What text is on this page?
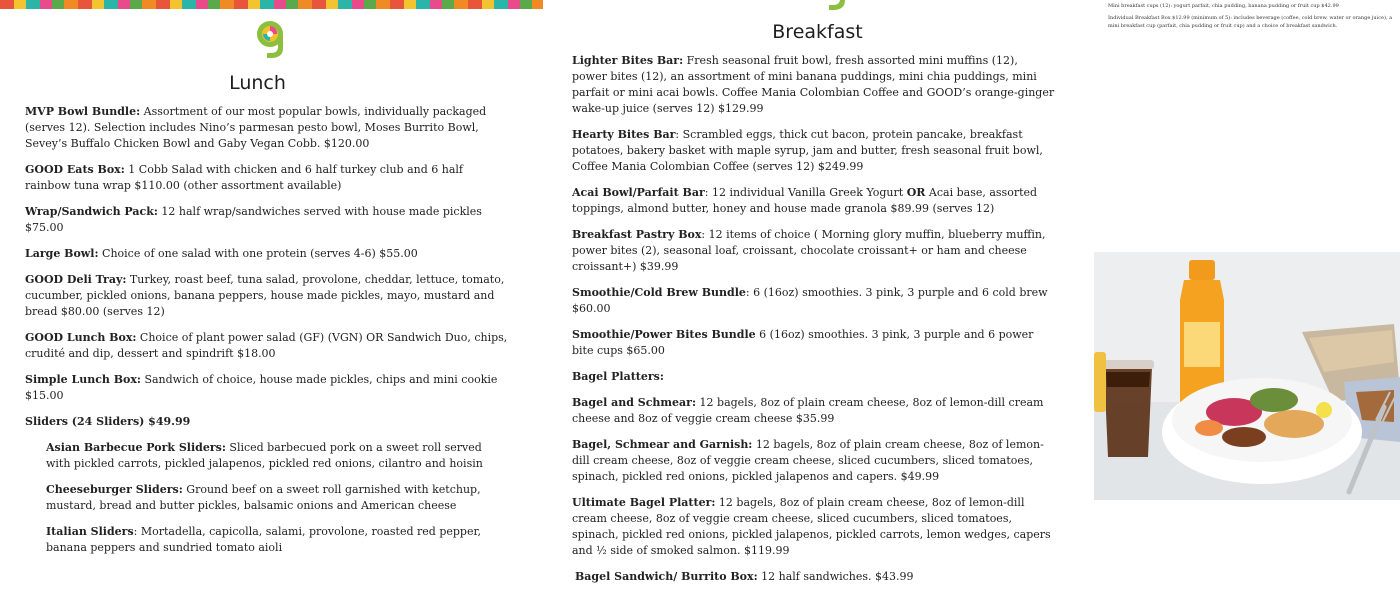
Lunch

MVP Bowl Bundle: Assortment of our most popular bowls, individually packaged (serves 12). Selection includes Nino’s parmesan pesto bowl, Moses Burrito Bowl, Sevey’s Buffalo Chicken Bowl and Gaby Vegan Cobb. $120.00

GOOD Eats Box: 1 Cobb Salad with chicken and 6 half turkey club and 6 half rainbow tuna wrap $110.00 (other assortment available)

Wrap/Sandwich Pack: 12 half wrap/sandwiches served with house made pickles $75.00

Large Bowl: Choice of one salad with one protein (serves 4-6) $55.00

GOOD Deli Tray: Turkey, roast beef, tuna salad, provolone, cheddar, lettuce, tomato, cucumber, pickled onions, banana peppers, house made pickles, mayo, mustard and bread $80.00 (serves 12)

GOOD Lunch Box: Choice of plant power salad (GF) (VGN) OR Sandwich Duo, chips, crudité and dip, dessert and spindrift $18.00

Simple Lunch Box: Sandwich of choice, house made pickles, chips and mini cookie $15.00

Sliders (24 Sliders) $49.99

Asian Barbecue Pork Sliders: Sliced barbecued pork on a sweet roll served with pickled carrots, pickled jalapenos, pickled red onions, cilantro and hoisin

Cheeseburger Sliders: Ground beef on a sweet roll garnished with ketchup, mustard, bread and butter pickles, balsamic onions and American cheese

Italian Sliders: Mortadella, capicolla, salami, provolone, roasted red pepper, banana peppers and sundried tomato aioli

Breakfast

Lighter Bites Bar: Fresh seasonal fruit bowl, fresh assorted mini muffins (12), power bites (12), an assortment of mini banana puddings, mini chia puddings, mini parfait or mini acai bowls. Coffee Mania Colombian Coffee and GOOD’s orange-ginger wake-up juice (serves 12) $129.99

Hearty Bites Bar: Scrambled eggs, thick cut bacon, protein pancake, breakfast potatoes, bakery basket with maple syrup, jam and butter, fresh seasonal fruit bowl, Coffee Mania Colombian Coffee (serves 12) $249.99

Acai Bowl/Parfait Bar: 12 individual Vanilla Greek Yogurt OR Acai base, assorted toppings, almond butter, honey and house made granola $89.99 (serves 12)

Breakfast Pastry Box: 12 items of choice ( Morning glory muffin, blueberry muffin, power bites (2), seasonal loaf, croissant, chocolate croissant+ or ham and cheese croissant+) $39.99

Smoothie/Cold Brew Bundle: 6 (16oz) smoothies. 3 pink, 3 purple and 6 cold brew $60.00

Smoothie/Power Bites Bundle 6 (16oz) smoothies. 3 pink, 3 purple and 6 power bite cups $65.00

Bagel Platters:

Bagel and Schmear: 12 bagels, 8oz of plain cream cheese, 8oz of lemon-dill cream cheese and 8oz of veggie cream cheese $35.99

Bagel, Schmear and Garnish: 12 bagels, 8oz of plain cream cheese, 8oz of lemon-dill cream cheese, 8oz of veggie cream cheese, sliced cucumbers, sliced tomatoes, spinach, pickled red onions, pickled jalapenos and capers. $49.99

Ultimate Bagel Platter: 12 bagels, 8oz of plain cream cheese, 8oz of lemon-dill cream cheese, 8oz of veggie cream cheese, sliced cucumbers, sliced tomatoes, spinach, pickled red onions, pickled jalapenos, pickled carrots, lemon wedges, capers and ½ side of smoked salmon. $119.99

Bagel Sandwich/ Burrito Box: 12 half sandwiches. $43.99

Mini breakfast cups (12): yogurt parfait, chia pudding, banana pudding or fruit cup $42.99

Individual Breakfast Box $12.99 (minimum of 5): includes beverage (coffee, cold brew, water or orange juice), a mini breakfast cup (parfait, chia pudding or fruit cup) and a choice of breakfast sandwich.
